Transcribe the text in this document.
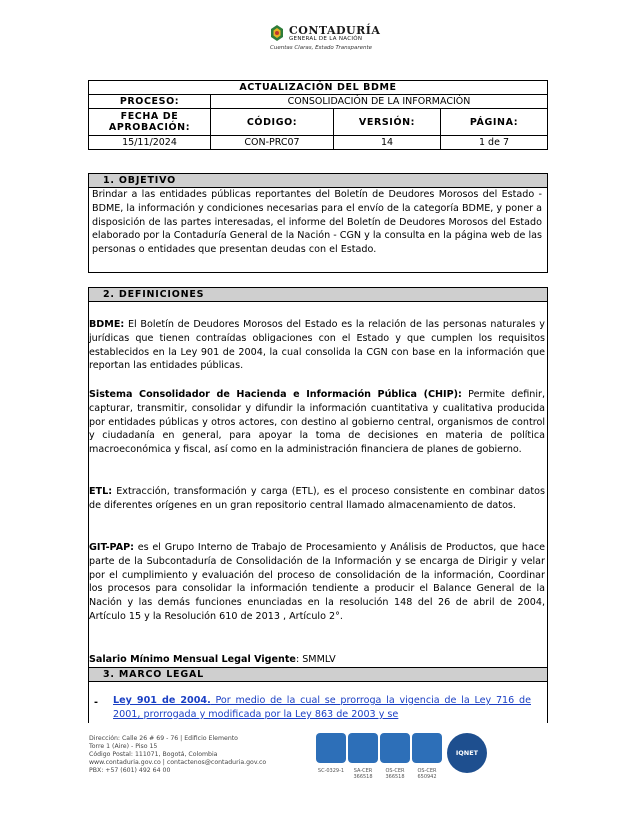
CONTADURÍA
GENERAL DE LA NACIÓN
Cuentas Claras, Estado Transparente
ACTUALIZACIÓN DEL BDME			
PROCESO:	CONSOLIDACIÓN DE LA INFORMACIÓN		
FECHA DE APROBACIÓN:	CÓDIGO:	VERSIÓN:	PÁGINA:
15/11/2024	CON-PRC07	14	1 de 7
1. OBJETIVO
Brindar a las entidades públicas reportantes del Boletín de Deudores Morosos del Estado - BDME, la información y condiciones necesarias para el envío de la categoría BDME, y poner a disposición de las partes interesadas, el informe del Boletín de Deudores Morosos del Estado elaborado por la Contaduría General de la Nación - CGN y la consulta en la página web de las personas o entidades que presentan deudas con el Estado.
2. DEFINICIONES
BDME: El Boletín de Deudores Morosos del Estado es la relación de las personas naturales y jurídicas que tienen contraídas obligaciones con el Estado y que cumplen los requisitos establecidos en la Ley 901 de 2004, la cual consolida la CGN con base en la información que reportan las entidades públicas.
Sistema Consolidador de Hacienda e Información Pública (CHIP): Permite definir, capturar, transmitir, consolidar y difundir la información cuantitativa y cualitativa producida por entidades públicas y otros actores, con destino al gobierno central, organismos de control y ciudadanía en general, para apoyar la toma de decisiones en materia de política macroeconómica y fiscal, así como en la administración financiera de planes de gobierno.
ETL: Extracción, transformación y carga (ETL), es el proceso consistente en combinar datos de diferentes orígenes en un gran repositorio central llamado almacenamiento de datos.
GIT-PAP: es el Grupo Interno de Trabajo de Procesamiento y Análisis de Productos, que hace parte de la Subcontaduría de Consolidación de la Información y se encarga de Dirigir y velar por el cumplimiento y evaluación del proceso de consolidación de la información, Coordinar los procesos para consolidar la información tendiente a producir el Balance General de la Nación y las demás funciones enunciadas en la resolución 148 del 26 de abril de 2004, Artículo 15 y la Resolución 610 de 2013 , Artículo 2°.
Salario Mínimo Mensual Legal Vigente: SMMLV
3. MARCO LEGAL
- Ley 901 de 2004. Por medio de la cual se prorroga la vigencia de la Ley 716 de 2001, prorrogada y modificada por la Ley 863 de 2003 y se
Dirección: Calle 26 # 69 - 76 | Edificio Elemento
Torre 1 (Aire) - Piso 15
Código Postal: 111071, Bogotá, Colombia
www.contaduria.gov.co | contactenos@contaduria.gov.co
PBX: +57 (601) 492 64 00	SC-0329-1	SA-CER 366518
OS-CER 366518
OS-CER 650942
IQNET
